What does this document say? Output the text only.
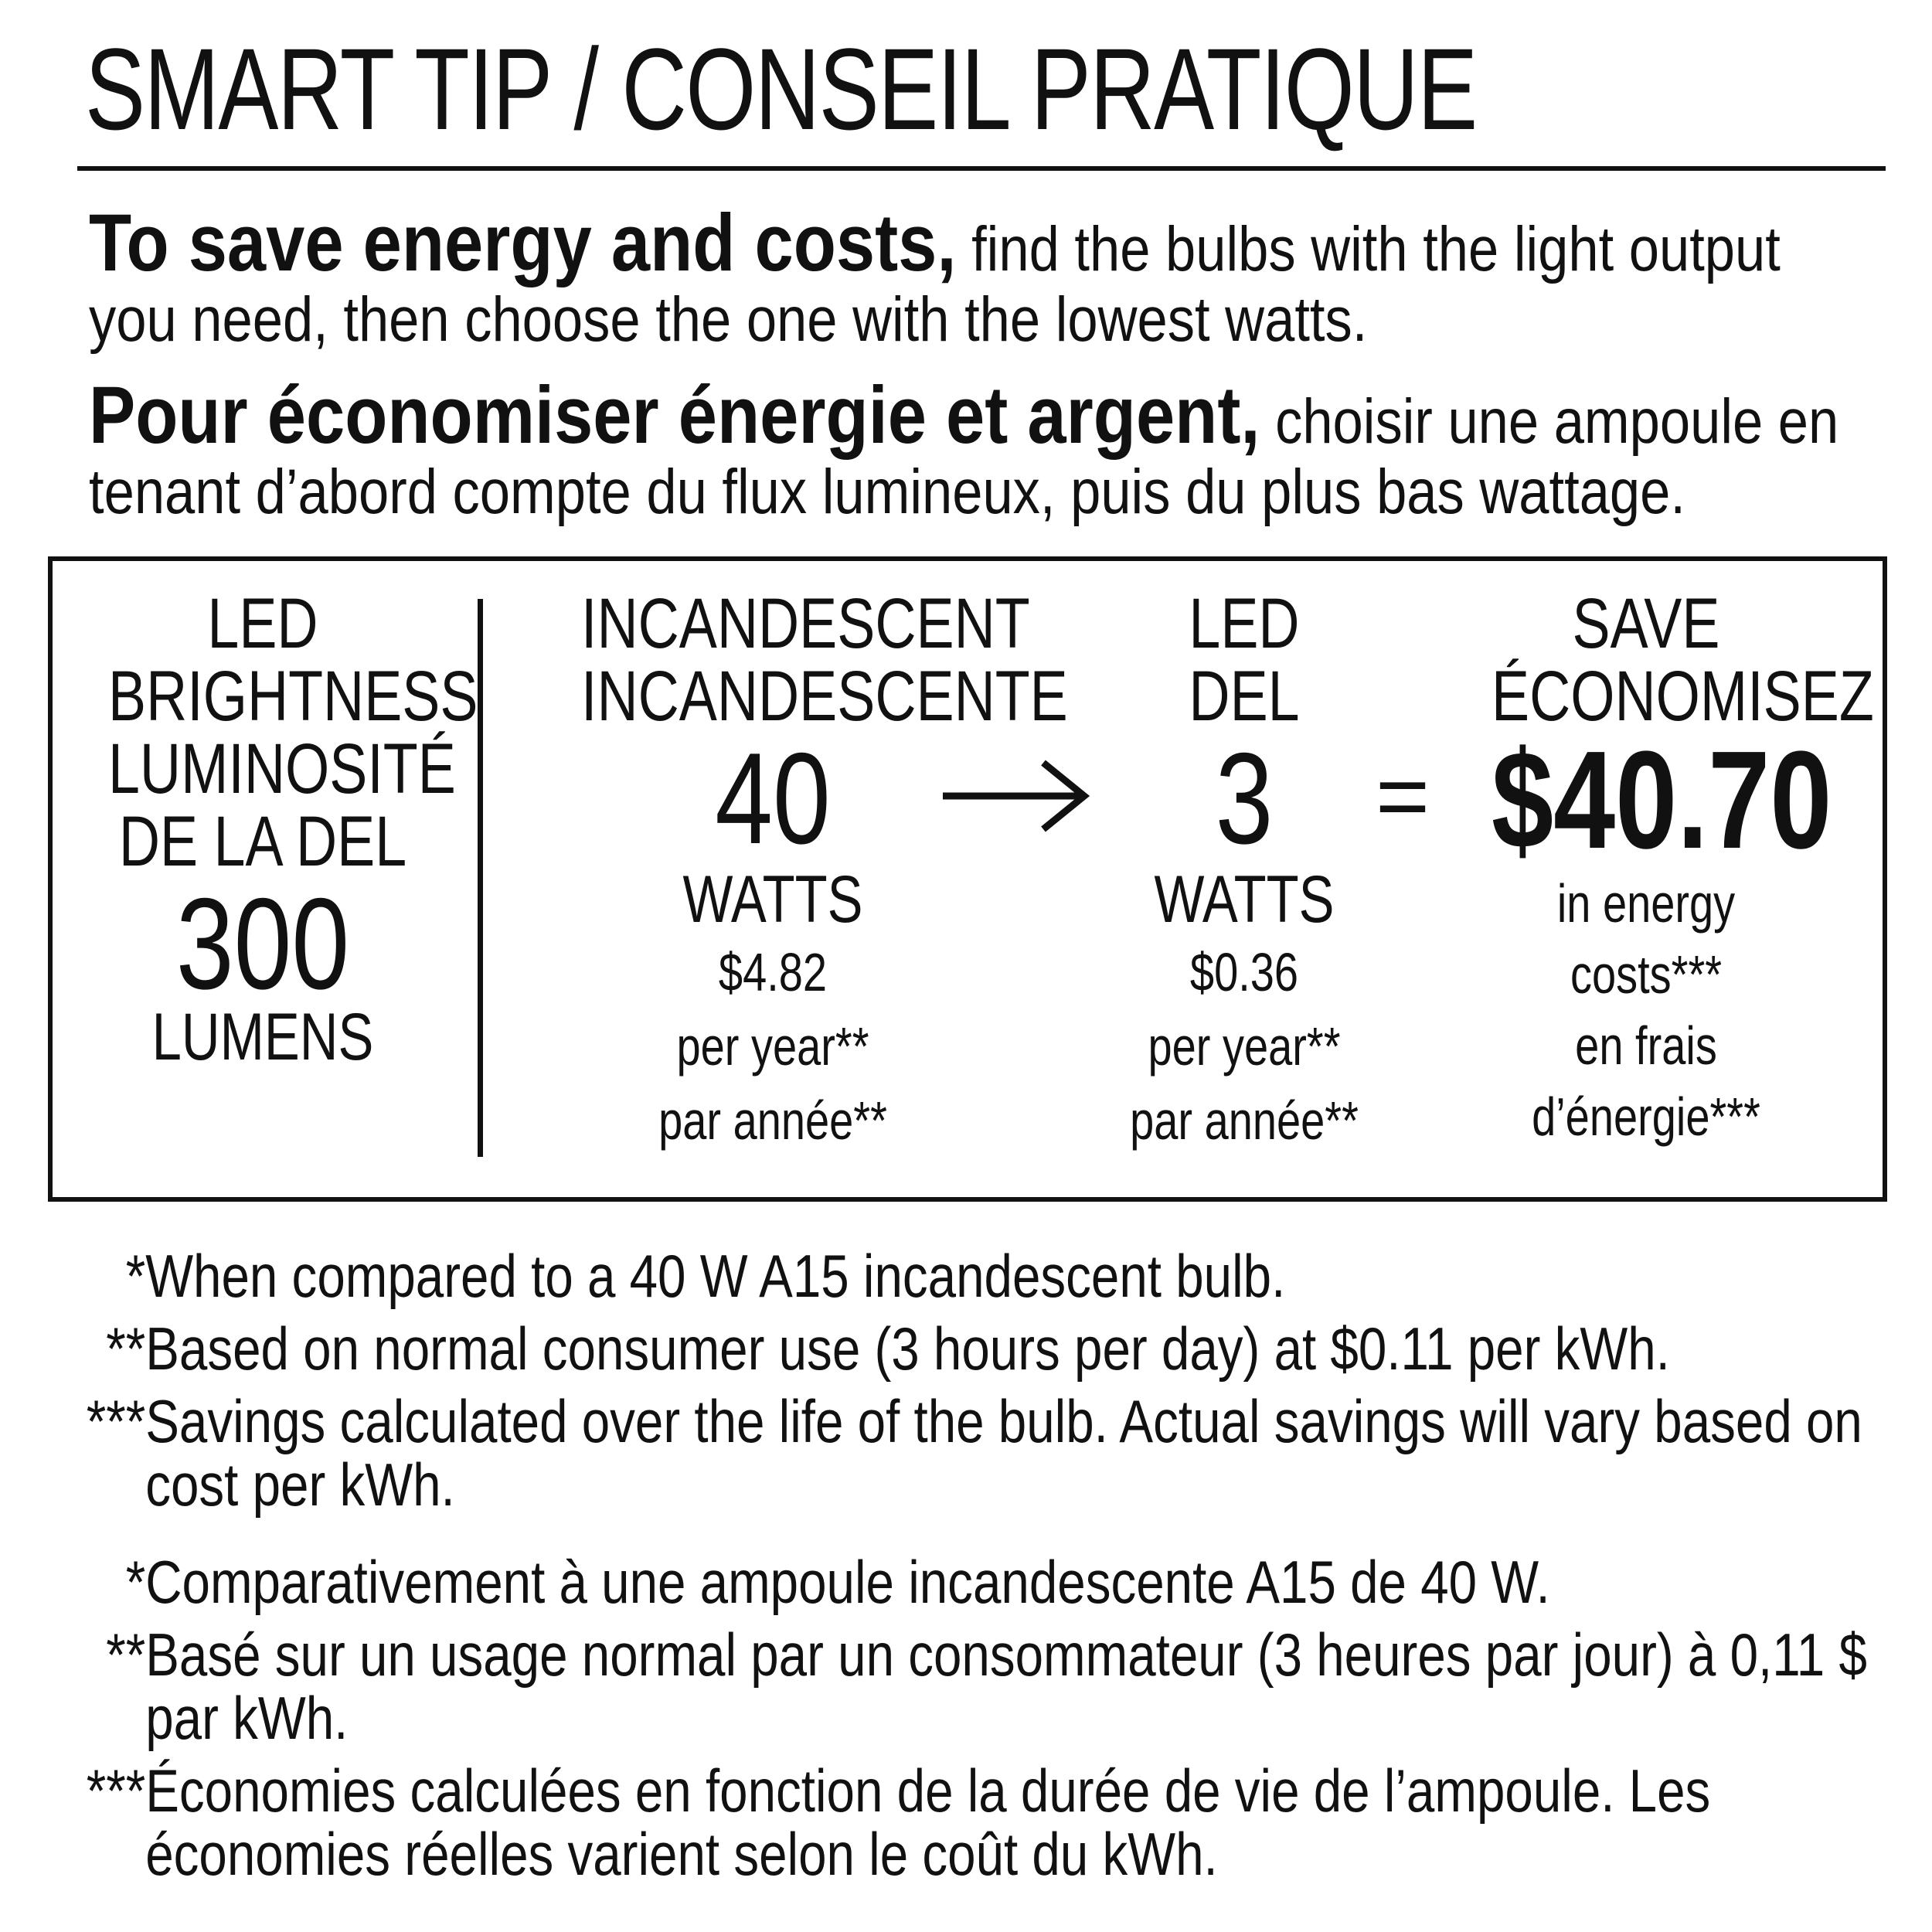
SMART TIP / CONSEIL PRATIQUE
To save energy and costs, find the bulbs with the light output
you need, then choose the one with the lowest watts.
Pour économiser énergie et argent, choisir une ampoule en
tenant d’abord compte du flux lumineux, puis du plus bas wattage.
LED
BRIGHTNESS
LUMINOSITÉ
DE LA DEL
300
LUMENS
INCANDESCENT
INCANDESCENTE
40
WATTS
$4.82
per year**
par année**
LED
DEL
3
WATTS
$0.36
per year**
par année**
=
SAVE
ÉCONOMISEZ
$40.70
in energy
costs***
en frais
d’énergie***
* When compared to a 40 W A15 incandescent bulb.
** Based on normal consumer use (3 hours per day) at $0.11 per kWh.
*** Savings calculated over the life of the bulb. Actual savings will vary based on cost per kWh.
* Comparativement à une ampoule incandescente A15 de 40 W.
** Basé sur un usage normal par un consommateur (3 heures par jour) à 0,11 $ par kWh.
*** Économies calculées en fonction de la durée de vie de l’ampoule. Les économies réelles varient selon le coût du kWh.
